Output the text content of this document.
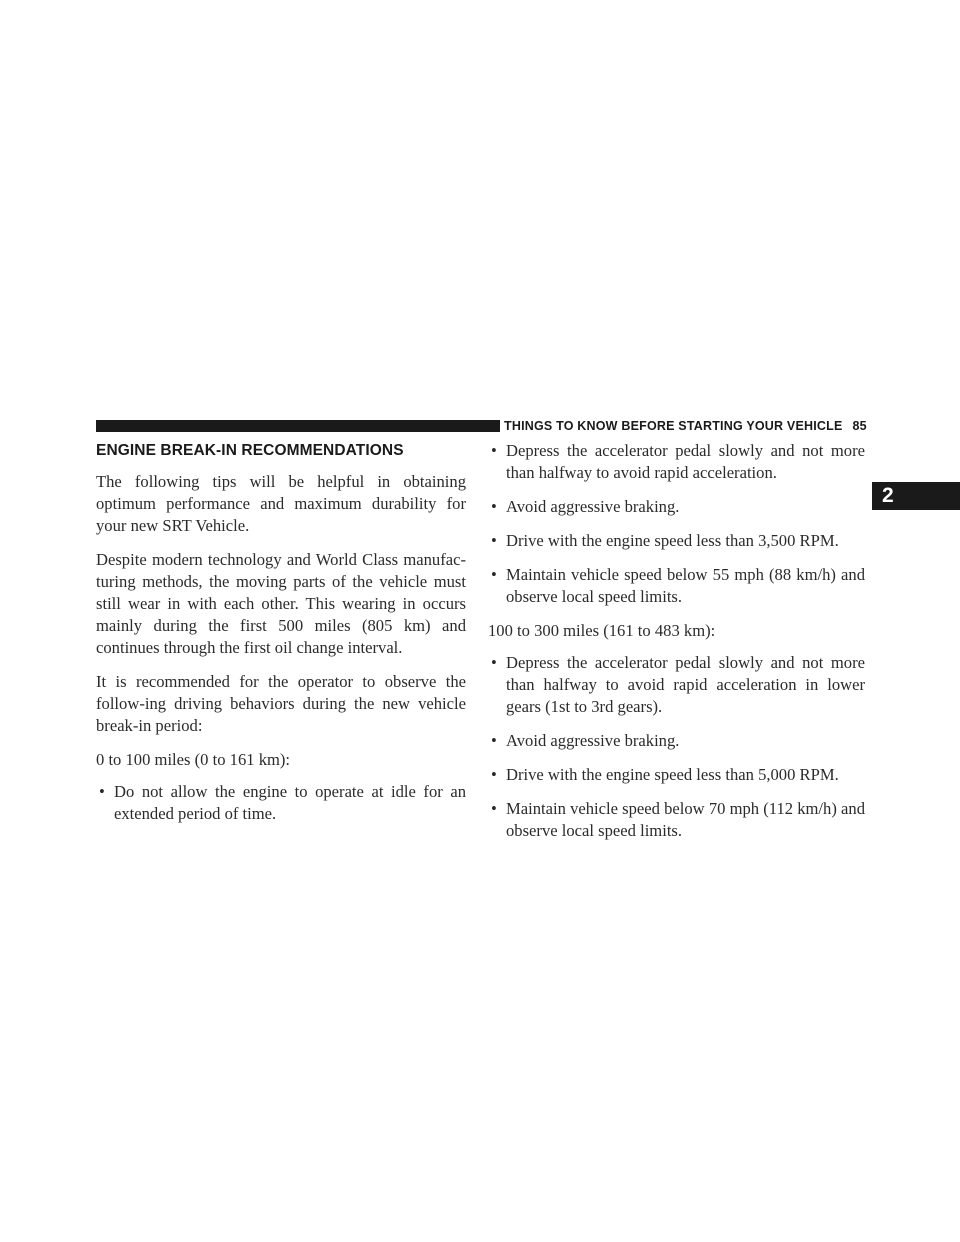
THINGS TO KNOW BEFORE STARTING YOUR VEHICLE 85
2
ENGINE BREAK-IN RECOMMENDATIONS

The following tips will be helpful in obtaining optimum performance and maximum durability for your new SRT Vehicle.

Despite modern technology and World Class manufac-turing methods, the moving parts of the vehicle must still wear in with each other. This wearing in occurs mainly during the first 500 miles (805 km) and continues through the first oil change interval.

It is recommended for the operator to observe the follow-ing driving behaviors during the new vehicle break-in period:

0 to 100 miles (0 to 161 km):

• Do not allow the engine to operate at idle for an extended period of time.
• Depress the accelerator pedal slowly and not more than halfway to avoid rapid acceleration.
• Avoid aggressive braking.
• Drive with the engine speed less than 3,500 RPM.
• Maintain vehicle speed below 55 mph (88 km/h) and observe local speed limits.

100 to 300 miles (161 to 483 km):

• Depress the accelerator pedal slowly and not more than halfway to avoid rapid acceleration in lower gears (1st to 3rd gears).
• Avoid aggressive braking.
• Drive with the engine speed less than 5,000 RPM.
• Maintain vehicle speed below 70 mph (112 km/h) and observe local speed limits.
